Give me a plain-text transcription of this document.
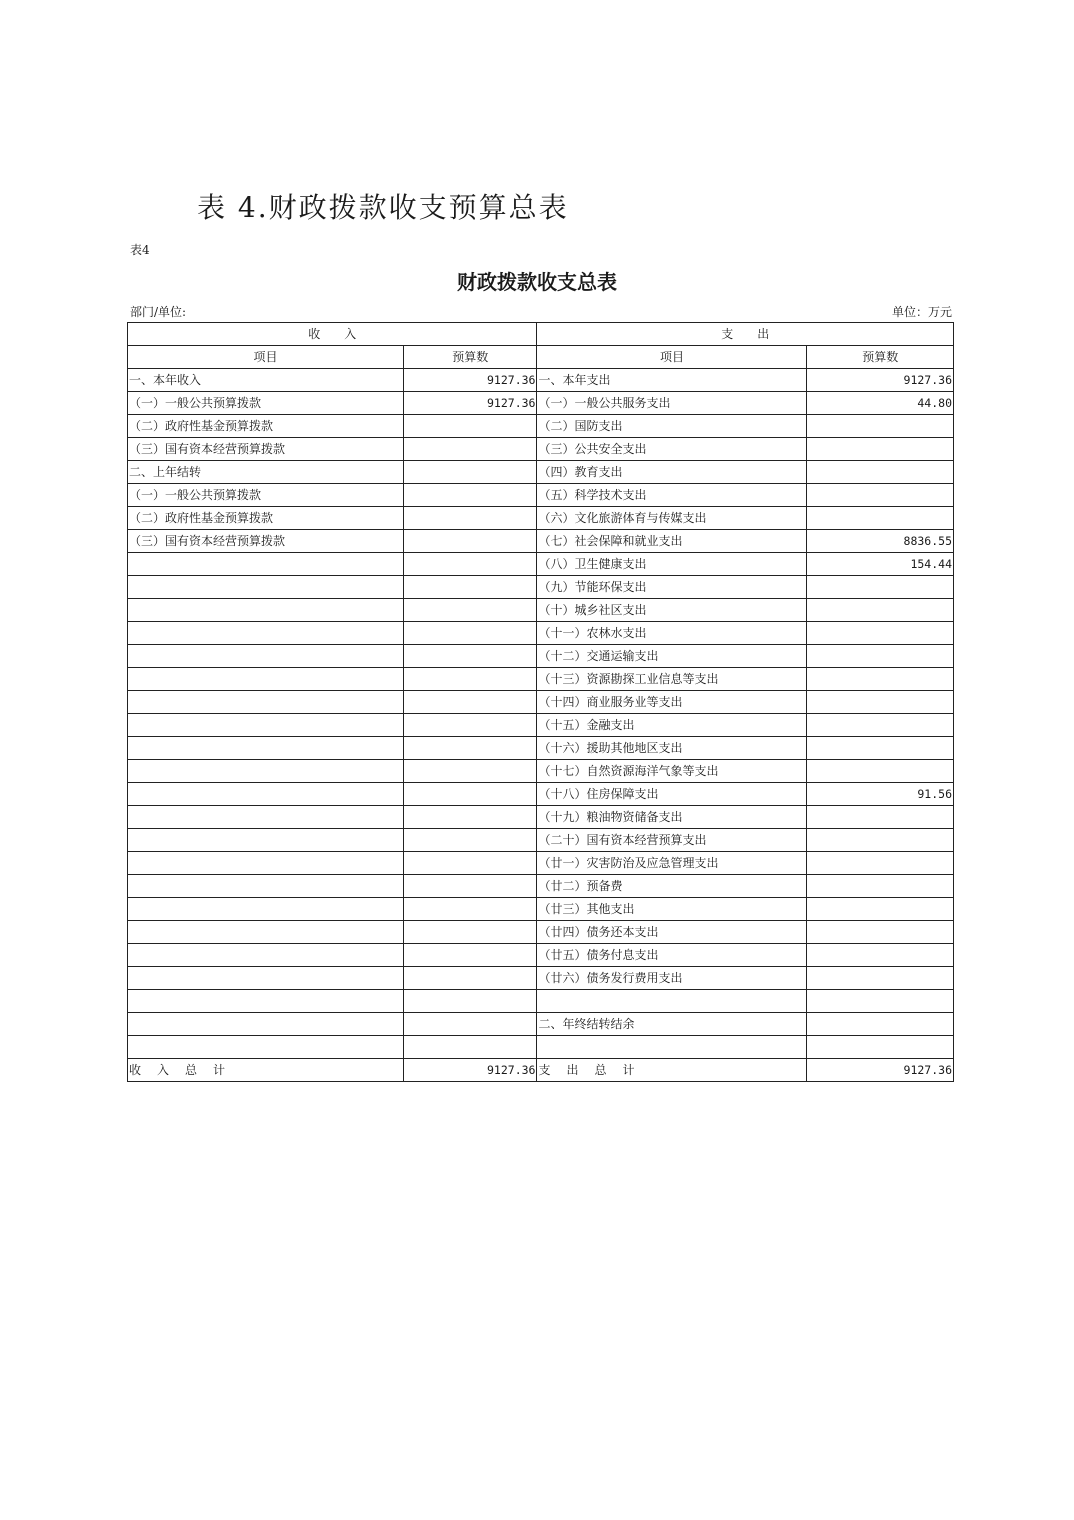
表 4.财政拨款收支预算总表
表4
财政拨款收支总表
部门/单位:	单位：万元
收　　入		支　　出	
项目	预算数	项目	预算数
一、本年收入	9127.36	一、本年支出	9127.36
（一）一般公共预算拨款	9127.36	（一）一般公共服务支出	44.80
（二）政府性基金预算拨款		（二）国防支出	
（三）国有资本经营预算拨款		（三）公共安全支出	
二、上年结转		（四）教育支出	
（一）一般公共预算拨款		（五）科学技术支出	
（二）政府性基金预算拨款		（六）文化旅游体育与传媒支出	
（三）国有资本经营预算拨款		（七）社会保障和就业支出	8836.55
		（八）卫生健康支出	154.44
		（九）节能环保支出	
		（十）城乡社区支出	
		（十一）农林水支出	
		（十二）交通运输支出	
		（十三）资源勘探工业信息等支出	
		（十四）商业服务业等支出	
		（十五）金融支出	
		（十六）援助其他地区支出	
		（十七）自然资源海洋气象等支出	
		（十八）住房保障支出	91.56
		（十九）粮油物资储备支出	
		（二十）国有资本经营预算支出	
		（廿一）灾害防治及应急管理支出	
		（廿二）预备费	
		（廿三）其他支出	
		（廿四）债务还本支出	
		（廿五）债务付息支出	
		（廿六）债务发行费用支出	

		二、年终结转结余	

收　入　总　计	9127.36	支　出　总　计	9127.36
